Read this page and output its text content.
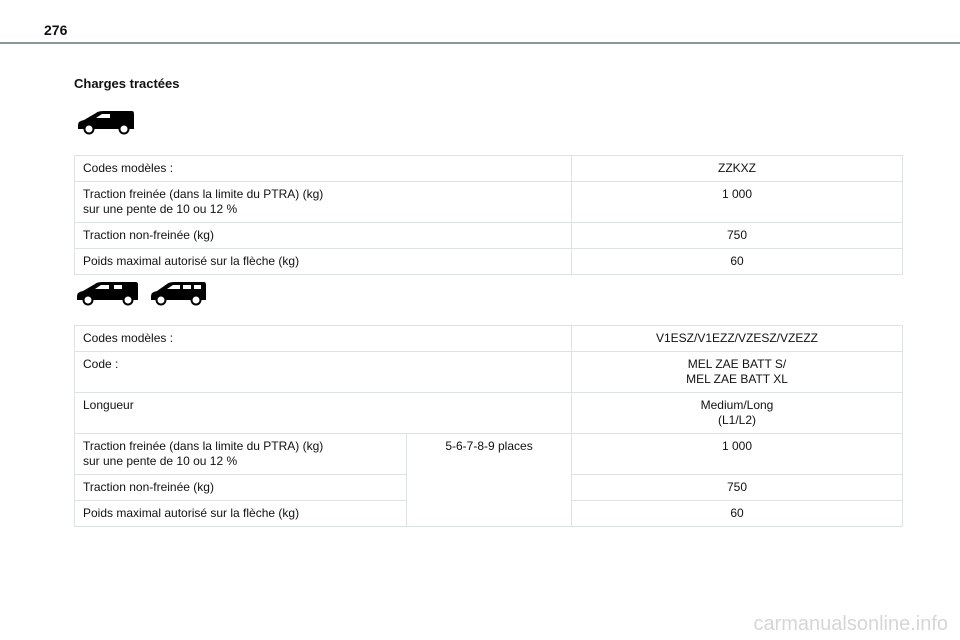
276
Charges tractées
Codes modèles :	ZZKXZ

Traction freinée (dans la limite du PTRA) (kg)
sur une pente de 10 ou 12 %	1 000
Traction non-freinée (kg)	750
Poids maximal autorisé sur la flèche (kg)	60
Codes modèles :		V1ESZ/V1EZZ/VZESZ/VZEZZ
Code :		MEL ZAE BATT S/
MEL ZAE BATT XL

Longueur		Medium/Long
(L1/L2)

Traction freinée (dans la limite du PTRA) (kg)
sur une pente de 10 ou 12 %	5-6-7-8-9 places	1 000
Traction non-freinée (kg)		750
Poids maximal autorisé sur la flèche (kg)		60
carmanualsonline.info
